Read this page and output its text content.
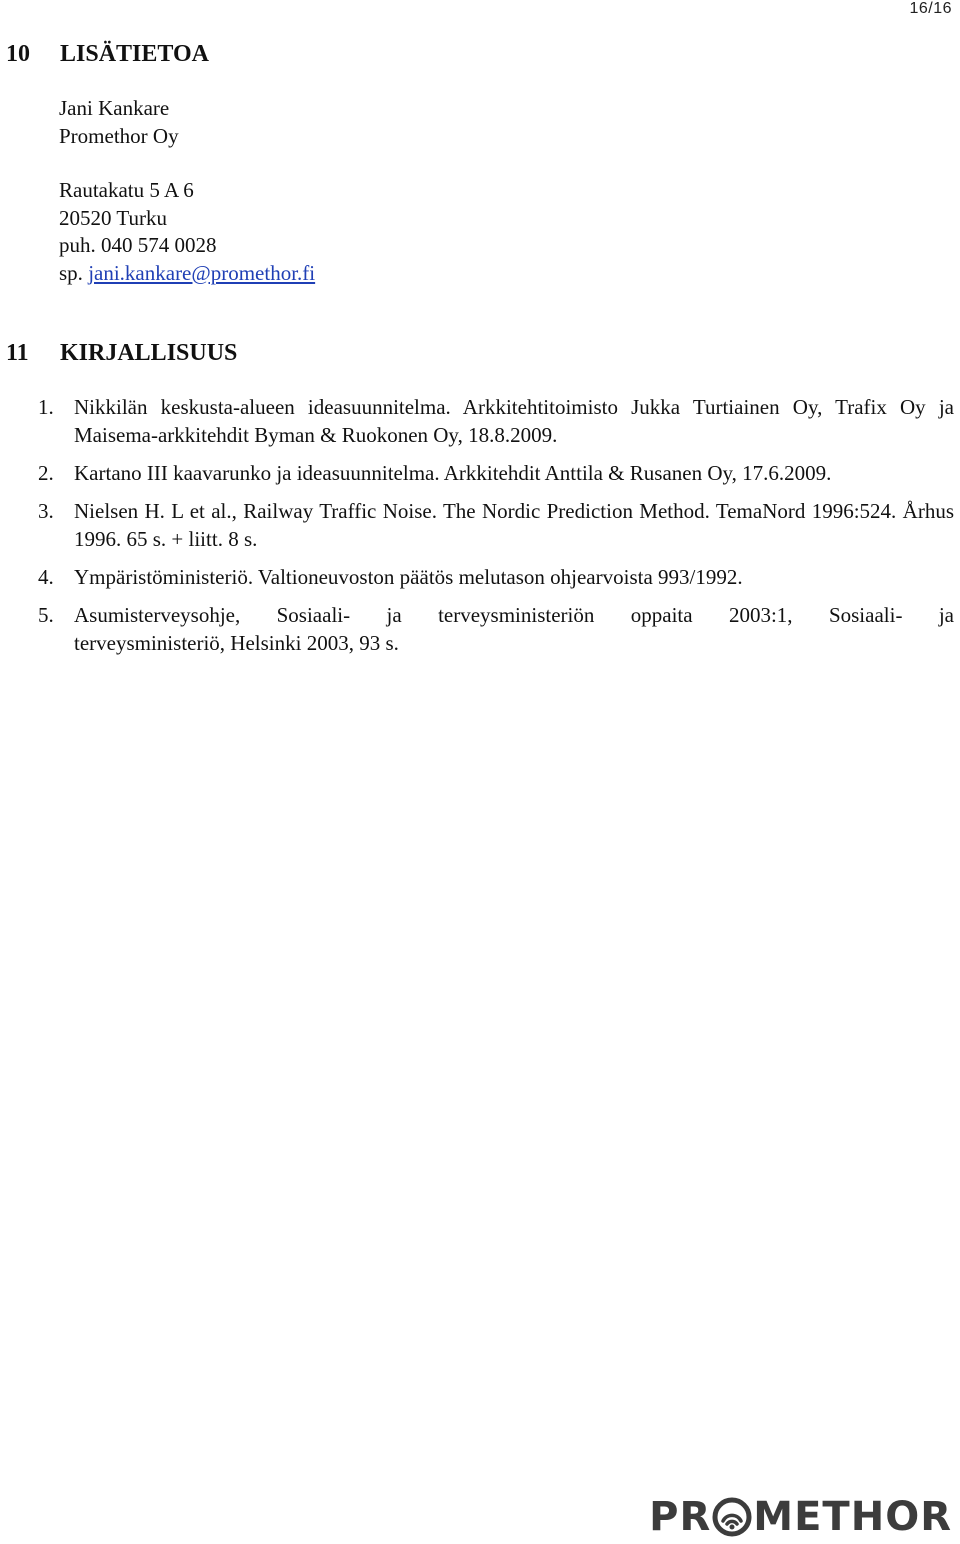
16/16
10	LISÄTIETOA
Jani Kankare
Promethor Oy
Rautakatu 5 A 6
20520 Turku
puh. 040 574 0028
sp. jani.kankare@promethor.fi
11	KIRJALLISUUS
1. Nikkilän keskusta-alueen ideasuunnitelma. Arkkitehtitoimisto Jukka Turtiainen Oy, Trafix Oy ja Maisema-arkkitehdit Byman & Ruokonen Oy, 18.8.2009.
2. Kartano III kaavarunko ja ideasuunnitelma. Arkkitehdit Anttila & Rusanen Oy, 17.6.2009.
3. Nielsen H. L et al., Railway Traffic Noise. The Nordic Prediction Method. TemaNord 1996:524. Århus 1996. 65 s. + liitt. 8 s.
4. Ympäristöministeriö. Valtioneuvoston päätös melutason ohjearvoista 993/1992.
5. Asumisterveysohje, Sosiaali- ja terveysministeriön oppaita 2003:1, Sosiaali- ja
terveysministeriö, Helsinki 2003, 93 s.
PR METHOR
